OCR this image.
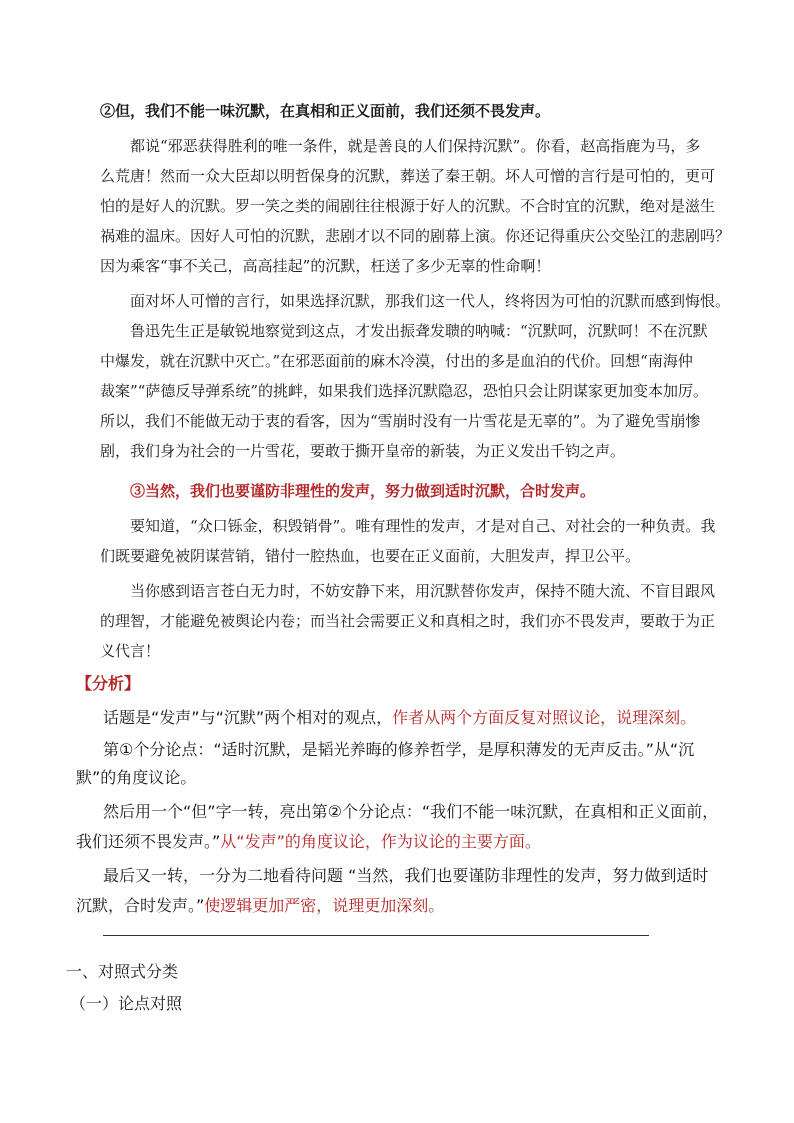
②但，我们不能一味沉默，在真相和正义面前，我们还须不畏发声。
都说“邪恶获得胜利的唯一条件，就是善良的人们保持沉默”。你看，赵高指鹿为马，多
么荒唐！然而一众大臣却以明哲保身的沉默，葬送了秦王朝。坏人可憎的言行是可怕的，更可
怕的是好人的沉默。罗一笑之类的闹剧往往根源于好人的沉默。不合时宜的沉默，绝对是滋生
祸难的温床。因好人可怕的沉默，悲剧才以不同的剧幕上演。你还记得重庆公交坠江的悲剧吗？
因为乘客“事不关己，高高挂起”的沉默，枉送了多少无辜的性命啊！
面对坏人可憎的言行，如果选择沉默，那我们这一代人，终将因为可怕的沉默而感到悔恨。
鲁迅先生正是敏锐地察觉到这点，才发出振聋发聩的呐喊：“沉默呵，沉默呵！不在沉默
中爆发，就在沉默中灭亡。”在邪恶面前的麻木冷漠，付出的多是血泊的代价。回想“南海仲
裁案”“萨德反导弹系统”的挑衅，如果我们选择沉默隐忍，恐怕只会让阴谋家更加变本加厉。
所以，我们不能做无动于衷的看客，因为“雪崩时没有一片雪花是无辜的”。为了避免雪崩惨
剧，我们身为社会的一片雪花，要敢于撕开皇帝的新装，为正义发出千钧之声。
③当然，我们也要谨防非理性的发声，努力做到适时沉默，合时发声。
要知道，“众口铄金，积毁销骨”。唯有理性的发声，才是对自己、对社会的一种负责。我
们既要避免被阴谋营销，错付一腔热血，也要在正义面前，大胆发声，捍卫公平。
当你感到语言苍白无力时，不妨安静下来，用沉默替你发声，保持不随大流、不盲目跟风
的理智，才能避免被舆论内卷；而当社会需要正义和真相之时，我们亦不畏发声，要敢于为正
义代言！
【分析】
话题是“发声”与“沉默”两个相对的观点，作者从两个方面反复对照议论，说理深刻。
第①个分论点：“适时沉默，是韬光养晦的修养哲学，是厚积薄发的无声反击。”从“沉
默”的角度议论。
然后用一个“但”字一转，亮出第②个分论点：“我们不能一味沉默，在真相和正义面前，
我们还须不畏发声。”从“发声”的角度议论，作为议论的主要方面。
最后又一转，一分为二地看待问题 “当然，我们也要谨防非理性的发声，努力做到适时
沉默，合时发声。”使逻辑更加严密，说理更加深刻。
一、对照式分类
（一）论点对照
